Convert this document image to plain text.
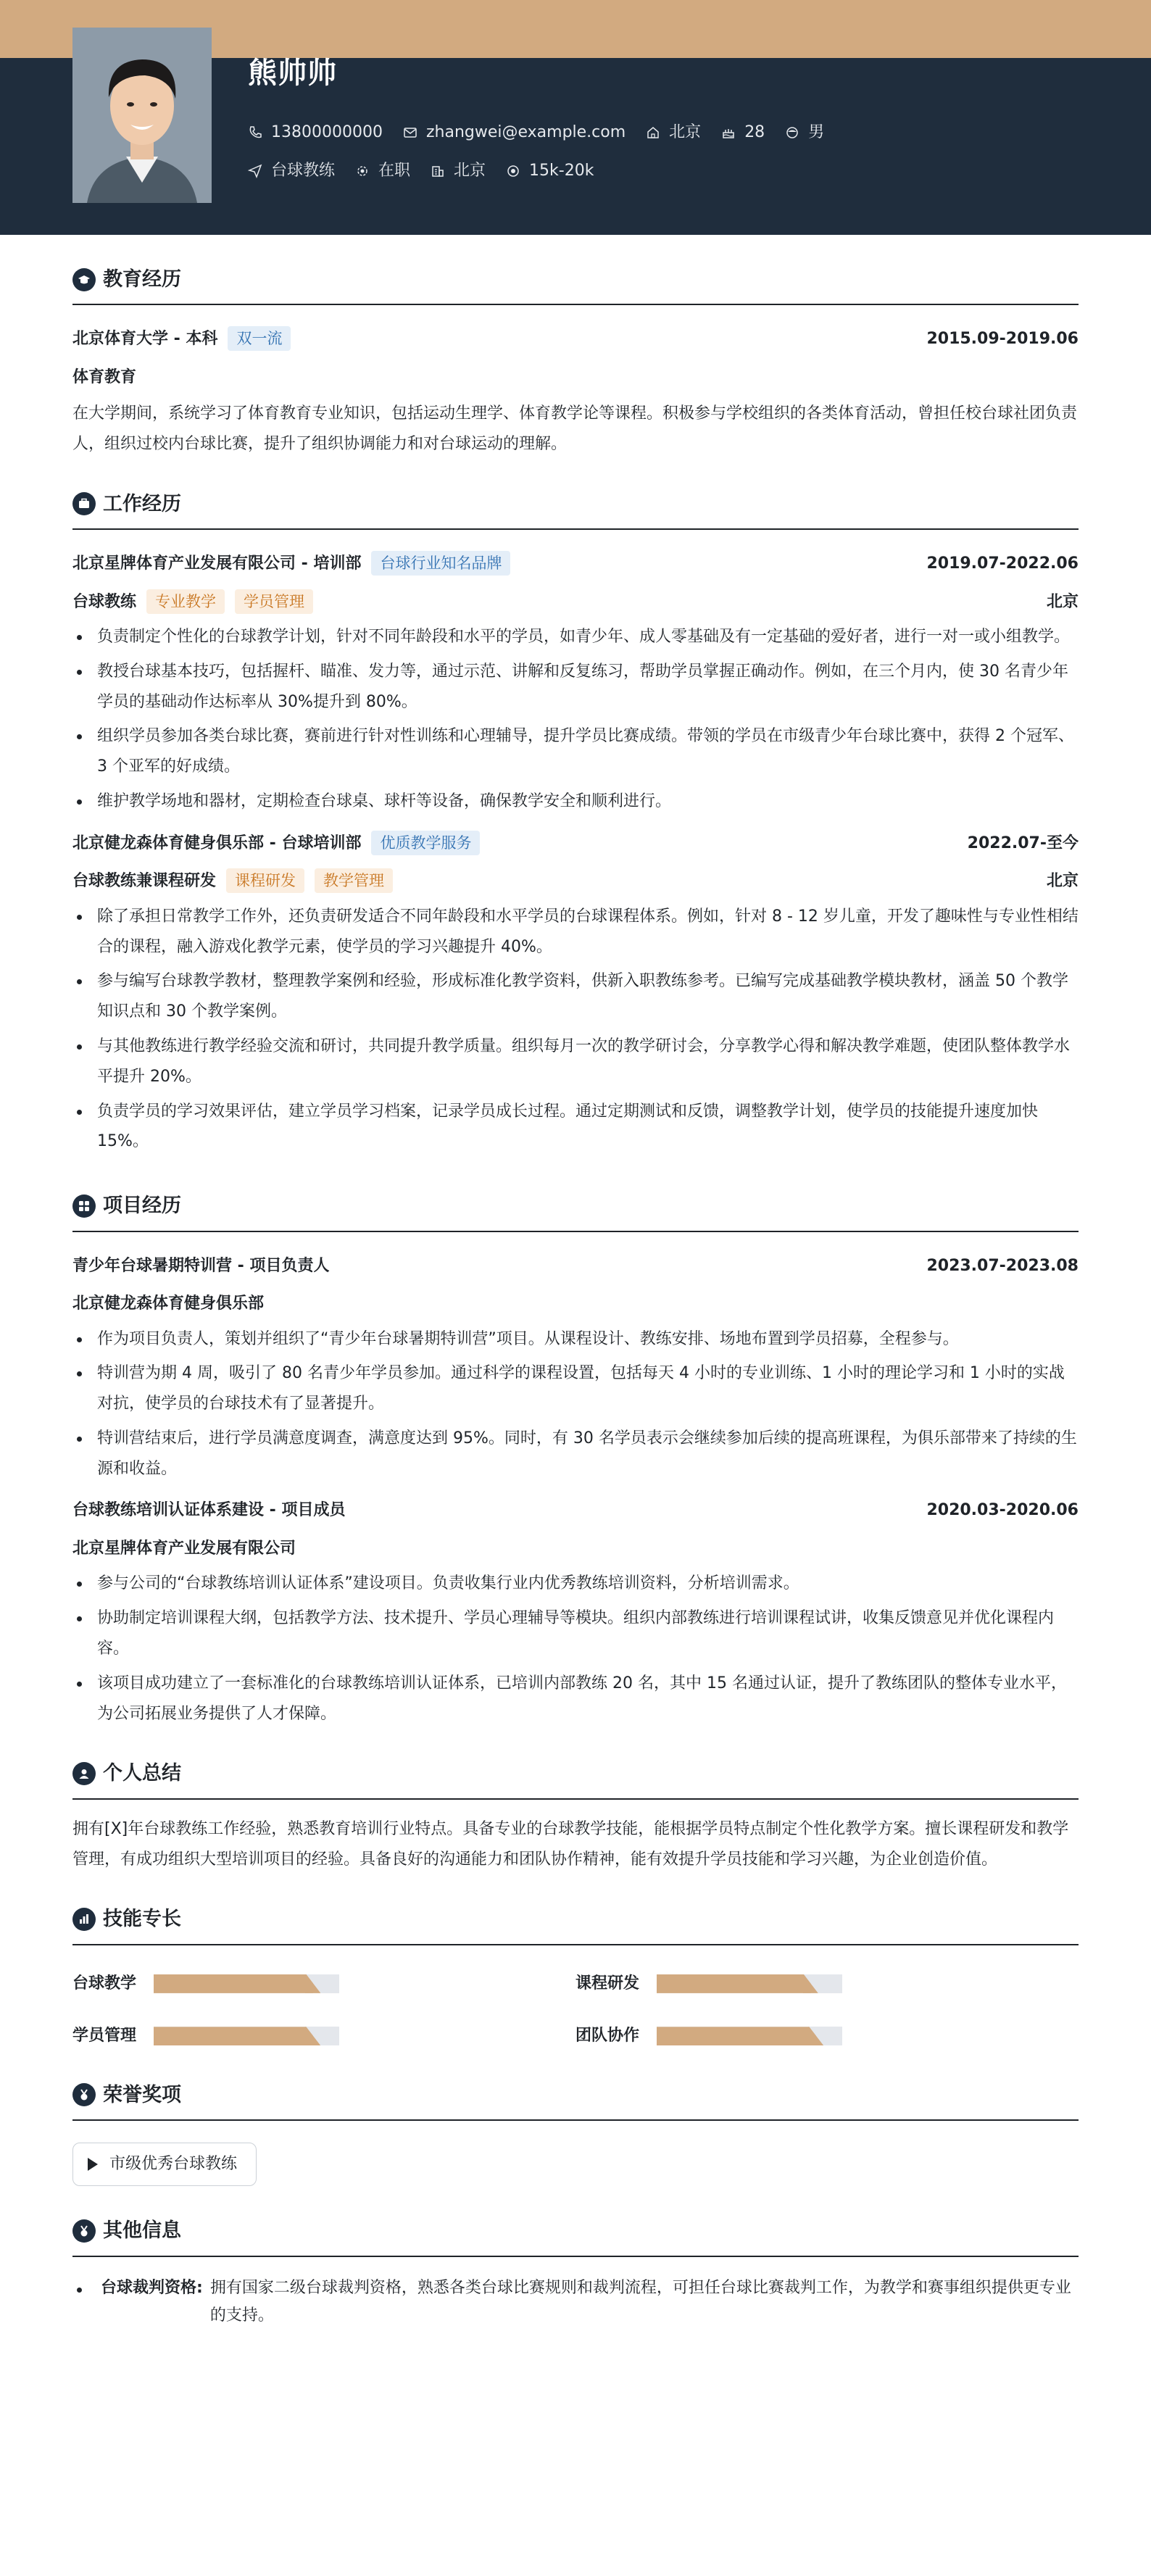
熊帅帅
13800000000	zhangwei@example.com	北京	28	男
台球教练	在职	北京	15k-20k
教育经历
北京体育大学 - 本科 双一流	2015.09-2019.06
体育教育
在大学期间，系统学习了体育教育专业知识，包括运动生理学、体育教学论等课程。积极参与学校组织的各类体育活动，曾担任校台球社团负责人，组织过校内台球比赛，提升了组织协调能力和对台球运动的理解。
工作经历
北京星牌体育产业发展有限公司 - 培训部 台球行业知名品牌	2019.07-2022.06
台球教练 专业教学 学员管理	北京
负责制定个性化的台球教学计划，针对不同年龄段和水平的学员，如青少年、成人零基础及有一定基础的爱好者，进行一对一或小组教学。
教授台球基本技巧，包括握杆、瞄准、发力等，通过示范、讲解和反复练习，帮助学员掌握正确动作。例如，在三个月内，使 30 名青少年学员的基础动作达标率从 30%提升到 80%。
组织学员参加各类台球比赛，赛前进行针对性训练和心理辅导，提升学员比赛成绩。带领的学员在市级青少年台球比赛中，获得 2 个冠军、3 个亚军的好成绩。
维护教学场地和器材，定期检查台球桌、球杆等设备，确保教学安全和顺利进行。
北京健龙森体育健身俱乐部 - 台球培训部 优质教学服务	2022.07-至今
台球教练兼课程研发 课程研发 教学管理	北京
除了承担日常教学工作外，还负责研发适合不同年龄段和水平学员的台球课程体系。例如，针对 8 - 12 岁儿童，开发了趣味性与专业性相结合的课程，融入游戏化教学元素，使学员的学习兴趣提升 40%。
参与编写台球教学教材，整理教学案例和经验，形成标准化教学资料，供新入职教练参考。已编写完成基础教学模块教材，涵盖 50 个教学知识点和 30 个教学案例。
与其他教练进行教学经验交流和研讨，共同提升教学质量。组织每月一次的教学研讨会，分享教学心得和解决教学难题，使团队整体教学水平提升 20%。
负责学员的学习效果评估，建立学员学习档案，记录学员成长过程。通过定期测试和反馈，调整教学计划，使学员的技能提升速度加快 15%。
项目经历
青少年台球暑期特训营 - 项目负责人	2023.07-2023.08
北京健龙森体育健身俱乐部
作为项目负责人，策划并组织了“青少年台球暑期特训营”项目。从课程设计、教练安排、场地布置到学员招募，全程参与。
特训营为期 4 周，吸引了 80 名青少年学员参加。通过科学的课程设置，包括每天 4 小时的专业训练、1 小时的理论学习和 1 小时的实战对抗，使学员的台球技术有了显著提升。
特训营结束后，进行学员满意度调查，满意度达到 95%。同时，有 30 名学员表示会继续参加后续的提高班课程，为俱乐部带来了持续的生源和收益。
台球教练培训认证体系建设 - 项目成员	2020.03-2020.06
北京星牌体育产业发展有限公司
参与公司的“台球教练培训认证体系”建设项目。负责收集行业内优秀教练培训资料，分析培训需求。
协助制定培训课程大纲，包括教学方法、技术提升、学员心理辅导等模块。组织内部教练进行培训课程试讲，收集反馈意见并优化课程内容。
该项目成功建立了一套标准化的台球教练培训认证体系，已培训内部教练 20 名，其中 15 名通过认证，提升了教练团队的整体专业水平，为公司拓展业务提供了人才保障。
个人总结
拥有[X]年台球教练工作经验，熟悉教育培训行业特点。具备专业的台球教学技能，能根据学员特点制定个性化教学方案。擅长课程研发和教学管理，有成功组织大型培训项目的经验。具备良好的沟通能力和团队协作精神，能有效提升学员技能和学习兴趣，为企业创造价值。
技能专长
台球教学	课程研发
学员管理	团队协作
荣誉奖项
市级优秀台球教练
其他信息
台球裁判资格: 拥有国家二级台球裁判资格，熟悉各类台球比赛规则和裁判流程，可担任台球比赛裁判工作，为教学和赛事组织提供更专业的支持。
